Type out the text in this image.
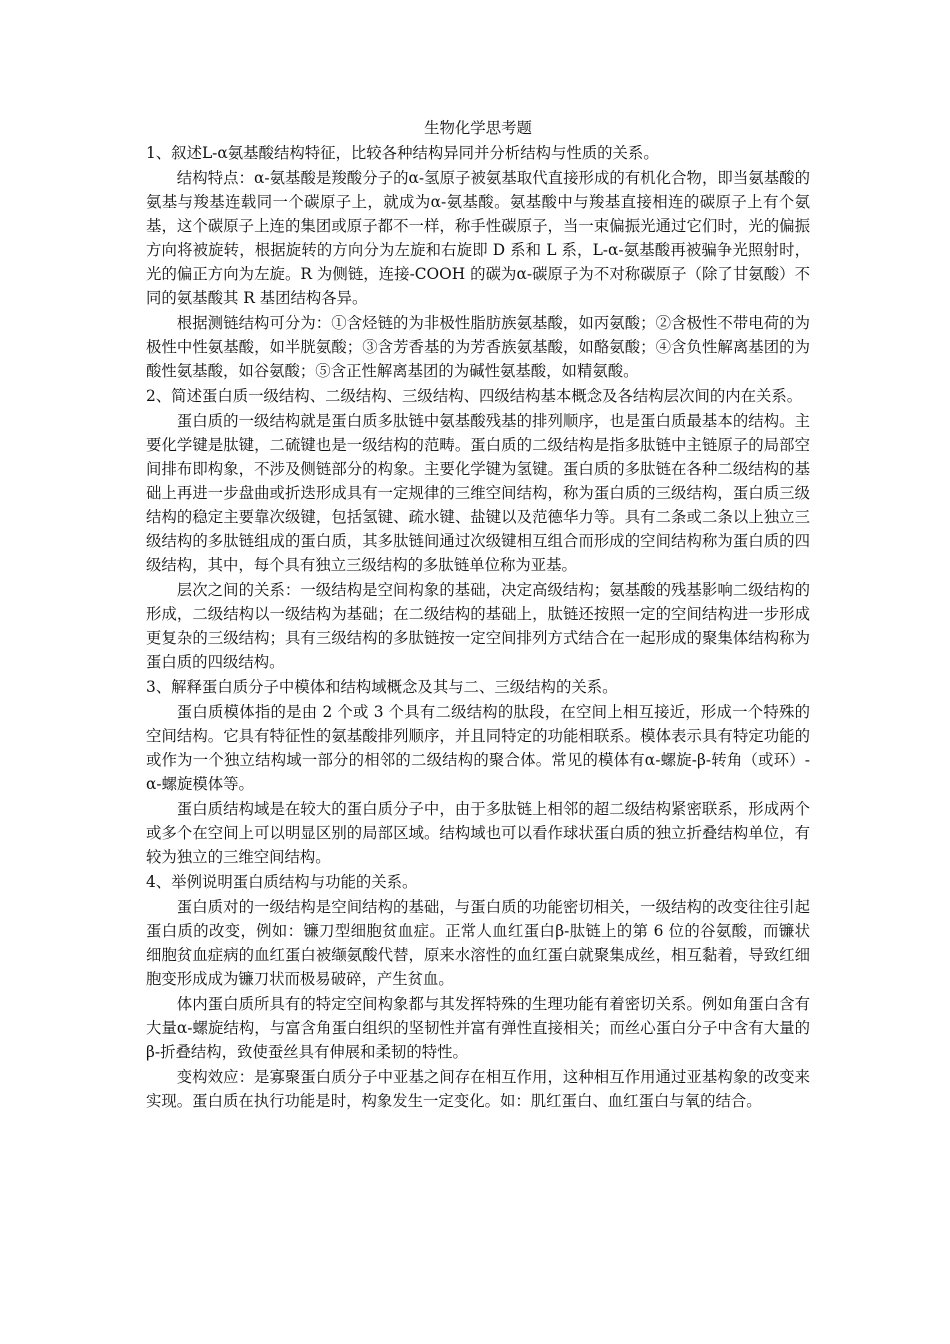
生物化学思考题
1、叙述L-α氨基酸结构特征，比较各种结构异同并分析结构与性质的关系。
结构特点：α-氨基酸是羧酸分子的α-氢原子被氨基取代直接形成的有机化合物，即当氨基酸的氨基与羧基连载同一个碳原子上，就成为α-氨基酸。氨基酸中与羧基直接相连的碳原子上有个氨基，这个碳原子上连的集团或原子都不一样，称手性碳原子，当一束偏振光通过它们时，光的偏振方向将被旋转，根据旋转的方向分为左旋和右旋即 D 系和 L 系，L-α-氨基酸再被骗争光照射时，光的偏正方向为左旋。R 为侧链，连接-COOH 的碳为α-碳原子为不对称碳原子（除了甘氨酸）不同的氨基酸其 R 基团结构各异。
根据测链结构可分为：①含烃链的为非极性脂肪族氨基酸，如丙氨酸；②含极性不带电荷的为极性中性氨基酸，如半胱氨酸；③含芳香基的为芳香族氨基酸，如酪氨酸；④含负性解离基团的为酸性氨基酸，如谷氨酸；⑤含正性解离基团的为碱性氨基酸，如精氨酸。
2、简述蛋白质一级结构、二级结构、三级结构、四级结构基本概念及各结构层次间的内在关系。
蛋白质的一级结构就是蛋白质多肽链中氨基酸残基的排列顺序，也是蛋白质最基本的结构。主要化学键是肽键，二硫键也是一级结构的范畴。蛋白质的二级结构是指多肽链中主链原子的局部空间排布即构象，不涉及侧链部分的构象。主要化学键为氢键。蛋白质的多肽链在各种二级结构的基础上再进一步盘曲或折迭形成具有一定规律的三维空间结构，称为蛋白质的三级结构，蛋白质三级结构的稳定主要靠次级键，包括氢键、疏水键、盐键以及范德华力等。具有二条或二条以上独立三级结构的多肽链组成的蛋白质，其多肽链间通过次级键相互组合而形成的空间结构称为蛋白质的四级结构，其中，每个具有独立三级结构的多肽链单位称为亚基。
层次之间的关系：一级结构是空间构象的基础，决定高级结构；氨基酸的残基影响二级结构的形成，二级结构以一级结构为基础；在二级结构的基础上，肽链还按照一定的空间结构进一步形成更复杂的三级结构；具有三级结构的多肽链按一定空间排列方式结合在一起形成的聚集体结构称为蛋白质的四级结构。
3、解释蛋白质分子中模体和结构域概念及其与二、三级结构的关系。
蛋白质模体指的是由 2 个或 3 个具有二级结构的肽段，在空间上相互接近，形成一个特殊的空间结构。它具有特征性的氨基酸排列顺序，并且同特定的功能相联系。模体表示具有特定功能的或作为一个独立结构域一部分的相邻的二级结构的聚合体。常见的模体有α-螺旋-β-转角（或环）-α-螺旋模体等。
蛋白质结构域是在较大的蛋白质分子中，由于多肽链上相邻的超二级结构紧密联系，形成两个或多个在空间上可以明显区别的局部区域。结构域也可以看作球状蛋白质的独立折叠结构单位，有较为独立的三维空间结构。
4、举例说明蛋白质结构与功能的关系。
蛋白质对的一级结构是空间结构的基础，与蛋白质的功能密切相关，一级结构的改变往往引起蛋白质的改变，例如：镰刀型细胞贫血症。正常人血红蛋白β-肽链上的第 6 位的谷氨酸，而镰状细胞贫血症病的血红蛋白被缬氨酸代替，原来水溶性的血红蛋白就聚集成丝，相互黏着，导致红细胞变形成成为镰刀状而极易破碎，产生贫血。
体内蛋白质所具有的特定空间构象都与其发挥特殊的生理功能有着密切关系。例如角蛋白含有大量α-螺旋结构，与富含角蛋白组织的坚韧性并富有弹性直接相关；而丝心蛋白分子中含有大量的β-折叠结构，致使蚕丝具有伸展和柔韧的特性。
变构效应：是寡聚蛋白质分子中亚基之间存在相互作用，这种相互作用通过亚基构象的改变来实现。蛋白质在执行功能是时，构象发生一定变化。如：肌红蛋白、血红蛋白与氧的结合。
